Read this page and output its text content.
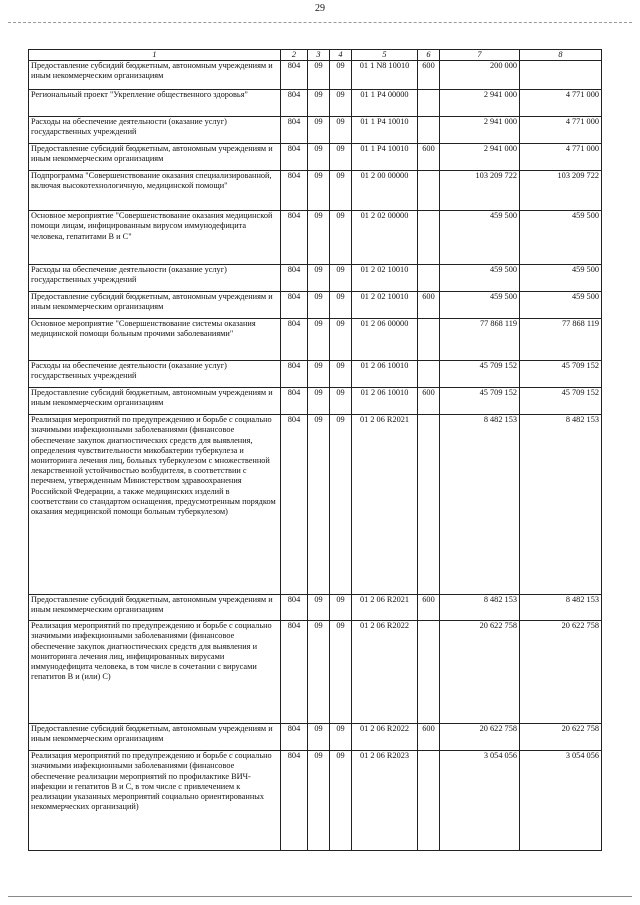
29
1	2	3	4	5	6	7	8
Предоставление субсидий бюджетным, автономным учреждениям и иным некоммерческим организациям	804	09	09	01 1 N8 10010	600	200 000	
Региональный проект "Укрепление общественного здоровья"	804	09	09	01 1 P4 00000		2 941 000	4 771 000
Расходы на обеспечение деятельности (оказание услуг) государственных учреждений	804	09	09	01 1 P4 10010		2 941 000	4 771 000
Предоставление субсидий бюджетным, автономным учреждениям и иным некоммерческим организациям	804	09	09	01 1 P4 10010	600	2 941 000	4 771 000
Подпрограмма "Совершенствование оказания специализированной, включая высокотехнологичную, медицинской помощи"	804	09	09	01 2 00 00000		103 209 722	103 209 722
Основное мероприятие "Совершенствование оказания медицинской помощи лицам, инфицированным вирусом иммунодефицита человека, гепатитами В и С"	804	09	09	01 2 02 00000		459 500	459 500
Расходы на обеспечение деятельности (оказание услуг) государственных учреждений	804	09	09	01 2 02 10010		459 500	459 500
Предоставление субсидий бюджетным, автономным учреждениям и иным некоммерческим организациям	804	09	09	01 2 02 10010	600	459 500	459 500
Основное мероприятие "Совершенствование системы оказания медицинской помощи больным прочими заболеваниями"	804	09	09	01 2 06 00000		77 868 119	77 868 119
Расходы на обеспечение деятельности (оказание услуг) государственных учреждений	804	09	09	01 2 06 10010		45 709 152	45 709 152
Предоставление субсидий бюджетным, автономным учреждениям и иным некоммерческим организациям	804	09	09	01 2 06 10010	600	45 709 152	45 709 152
Реализация мероприятий по предупреждению и борьбе с социально значимыми инфекционными заболеваниями (финансовое обеспечение закупок диагностических средств для выявления, определения чувствительности микобактерии туберкулеза и мониторинга лечения лиц, больных туберкулезом с множественной лекарственной устойчивостью возбудителя, в соответствии с перечнем, утвержденным Министерством здравоохранения Российской Федерации, а также медицинских изделий в соответствии со стандартом оснащения, предусмотренным порядком оказания медицинской помощи больным туберкулезом)	804	09	09	01 2 06 R2021		8 482 153	8 482 153
Предоставление субсидий бюджетным, автономным учреждениям и иным некоммерческим организациям	804	09	09	01 2 06 R2021	600	8 482 153	8 482 153
Реализация мероприятий по предупреждению и борьбе с социально значимыми инфекционными заболеваниями (финансовое обеспечение закупок диагностических средств для выявления и мониторинга лечения лиц, инфицированных вирусами иммунодефицита человека, в том числе в сочетании с вирусами гепатитов В и (или) С)	804	09	09	01 2 06 R2022		20 622 758	20 622 758
Предоставление субсидий бюджетным, автономным учреждениям и иным некоммерческим организациям	804	09	09	01 2 06 R2022	600	20 622 758	20 622 758
Реализация мероприятий по предупреждению и борьбе с социально значимыми инфекционными заболеваниями (финансовое обеспечение реализации мероприятий по профилактике ВИЧ-инфекции и гепатитов В и С, в том числе с привлечением к реализации указанных мероприятий социально ориентированных некоммерческих организаций)	804	09	09	01 2 06 R2023		3 054 056	3 054 056
